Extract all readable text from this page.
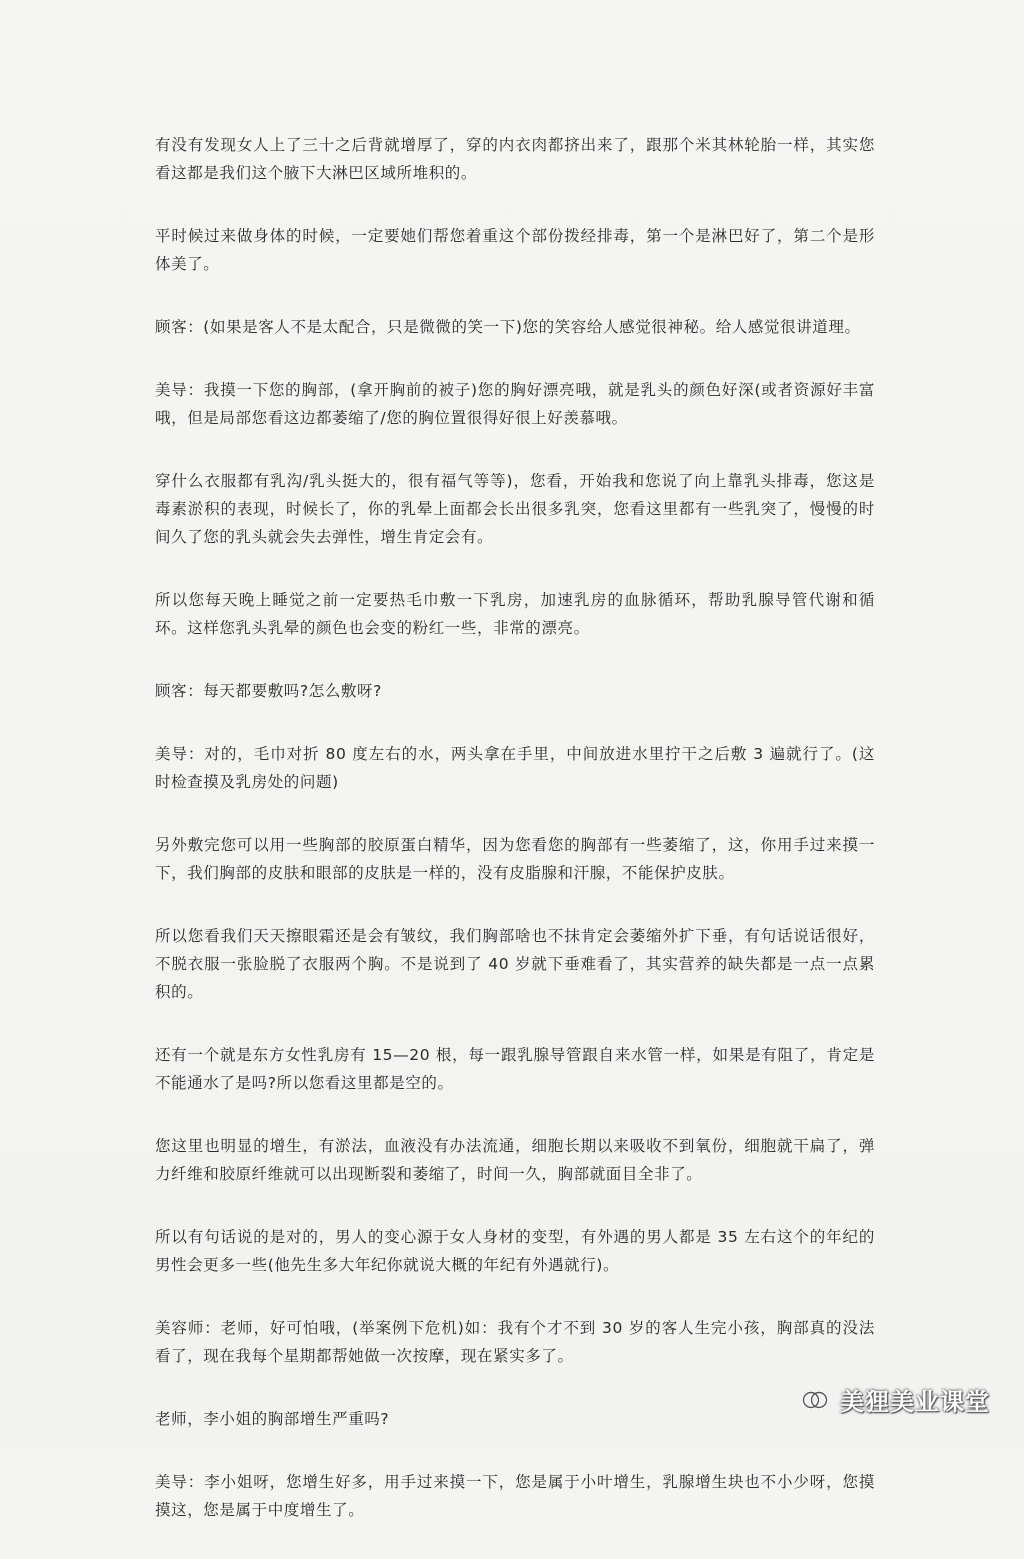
有没有发现女人上了三十之后背就增厚了，穿的内衣肉都挤出来了，跟那个米其林轮胎一样，其实您看这都是我们这个腋下大淋巴区域所堆积的。

平时候过来做身体的时候，一定要她们帮您着重这个部份拨经排毒，第一个是淋巴好了，第二个是形体美了。

顾客：(如果是客人不是太配合，只是微微的笑一下)您的笑容给人感觉很神秘。给人感觉很讲道理。

美导：我摸一下您的胸部，(拿开胸前的被子)您的胸好漂亮哦，就是乳头的颜色好深(或者资源好丰富哦，但是局部您看这边都萎缩了/您的胸位置很得好很上好羡慕哦。

穿什么衣服都有乳沟/乳头挺大的，很有福气等等)，您看，开始我和您说了向上靠乳头排毒，您这是毒素淤积的表现，时候长了，你的乳晕上面都会长出很多乳突，您看这里都有一些乳突了，慢慢的时间久了您的乳头就会失去弹性，增生肯定会有。

所以您每天晚上睡觉之前一定要热毛巾敷一下乳房，加速乳房的血脉循环，帮助乳腺导管代谢和循环。这样您乳头乳晕的颜色也会变的粉红一些，非常的漂亮。

顾客：每天都要敷吗?怎么敷呀?

美导：对的，毛巾对折 80 度左右的水，两头拿在手里，中间放进水里拧干之后敷 3 遍就行了。(这时检查摸及乳房处的问题)

另外敷完您可以用一些胸部的胶原蛋白精华，因为您看您的胸部有一些萎缩了，这，你用手过来摸一下，我们胸部的皮肤和眼部的皮肤是一样的，没有皮脂腺和汗腺，不能保护皮肤。

所以您看我们天天擦眼霜还是会有皱纹，我们胸部啥也不抹肯定会萎缩外扩下垂，有句话说话很好，不脱衣服一张脸脱了衣服两个胸。不是说到了 40 岁就下垂难看了，其实营养的缺失都是一点一点累积的。

还有一个就是东方女性乳房有 15—20 根，每一跟乳腺导管跟自来水管一样，如果是有阻了，肯定是不能通水了是吗?所以您看这里都是空的。

您这里也明显的增生，有淤法，血液没有办法流通，细胞长期以来吸收不到氧份，细胞就干扁了，弹力纤维和胶原纤维就可以出现断裂和萎缩了，时间一久，胸部就面目全非了。

所以有句话说的是对的，男人的变心源于女人身材的变型，有外遇的男人都是 35 左右这个的年纪的男性会更多一些(他先生多大年纪你就说大概的年纪有外遇就行)。

美容师：老师，好可怕哦，(举案例下危机)如：我有个才不到 30 岁的客人生完小孩，胸部真的没法看了，现在我每个星期都帮她做一次按摩，现在紧实多了。

老师，李小姐的胸部增生严重吗?

美导：李小姐呀，您增生好多，用手过来摸一下，您是属于小叶增生，乳腺增生块也不小少呀，您摸摸这，您是属于中度增生了。

美狸美业课堂
